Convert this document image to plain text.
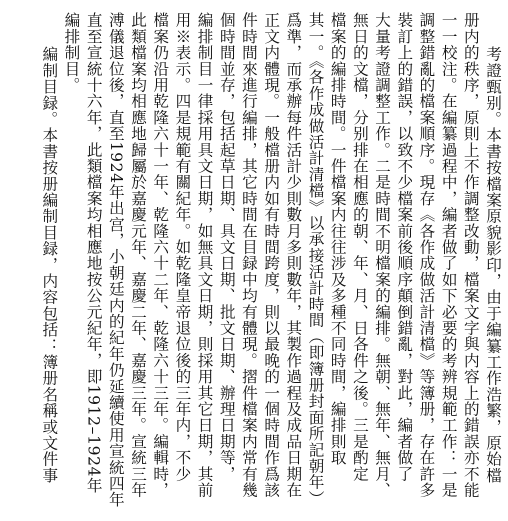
考證甄别。本書按檔案原貌影印，由于編纂工作浩繁，原始檔
册内的秩序，原則上不作調整改動，檔案文字與内容上的錯誤亦不能
一一校注。在編纂過程中，編者做了如下必要的考辨規範工作：一是
調整錯亂的檔案順序。現存《各作成做活計清檔》等簿册，存在許多
裝訂上的錯誤，以致不少檔案前後順序顛倒錯亂，對此，編者做了
大量考證調整工作。二是時間不明檔案的編排。無朝、無年、無月、
無日的文檔，分别排在相應的朝、年、月、日各件之後。三是酌定
檔案的編排時間。一件檔案内往往涉及多種不同時間，編排則取
其一。《各作成做活計清檔》以承接活計時間（即簿册封面所記朝年）
爲準，而承辦每件活計少則數月多則數年，其製作過程及成品日期在
正文内體現。一般檔册内如有時間跨度，則以最晚的一個時間作爲該
件時間來進行編排，其它時間在目録中均有體現。摺件檔案内常有幾
個時間並存，包括起草日期、具文日期、批文日期、辦理日期等，
編排制目一律採用具文日期，如無具文日期，則採用其它日期，其前
用※表示。四是規範有關紀年。如乾隆皇帝退位後的三年内，不少
檔案仍沿用乾隆六十一年、乾隆六十二年、乾隆六十三年。編輯時，
此類檔案均相應地歸屬於嘉慶元年、嘉慶二年、嘉慶三年。宣統三年
溥儀退位後，直至1924年出宫，小朝廷内的紀年仍延續使用宣統四年
直至宣統十六年，此類檔案均相應地按公元紀年，即1912–1924年
編排制目。
編制目録。本書按册編制目録，内容包括：簿册名稱或文件事
